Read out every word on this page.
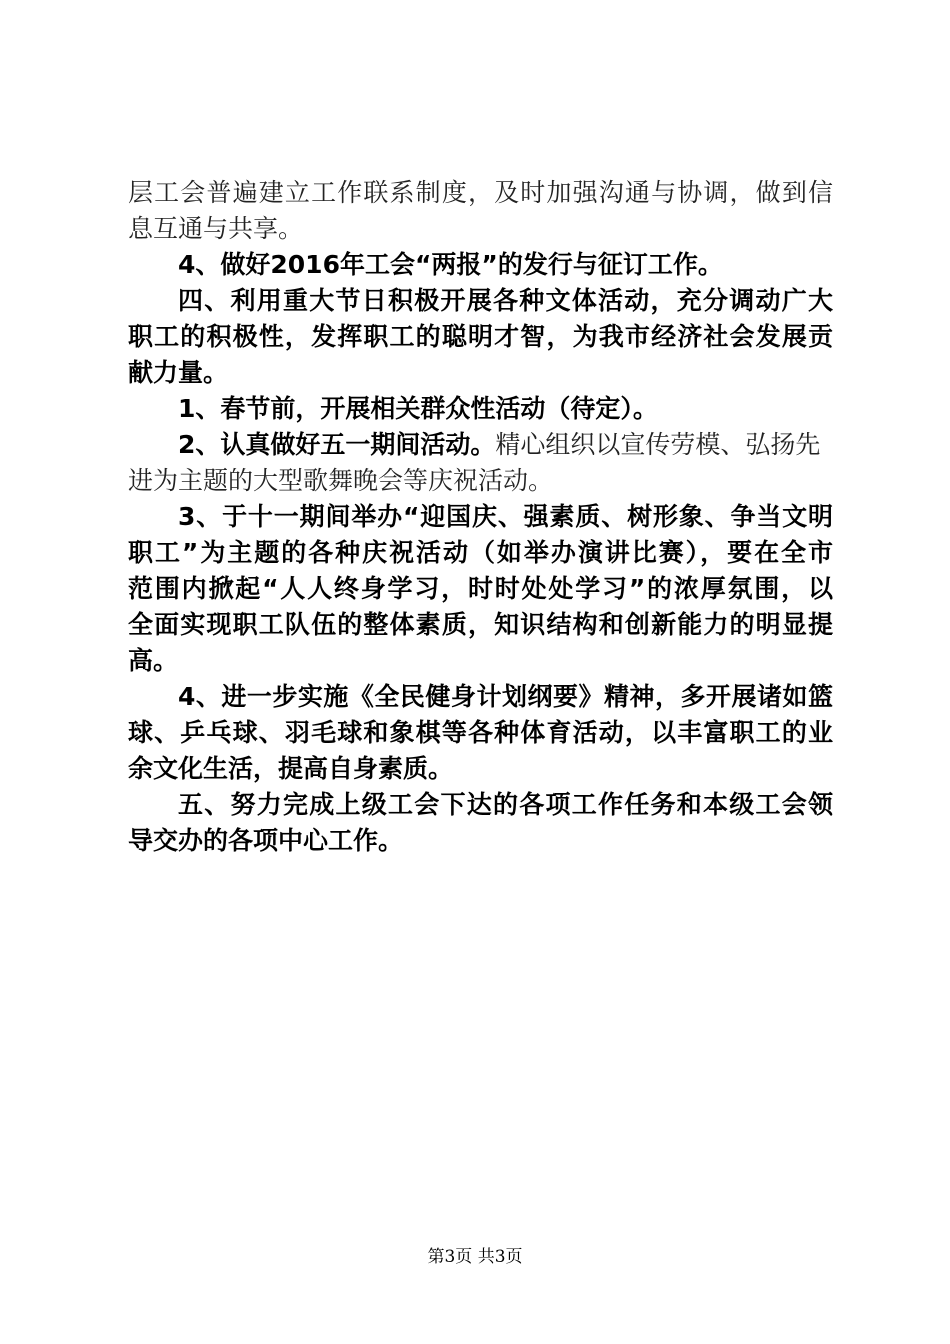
层工会普遍建立工作联系制度，及时加强沟通与协调，做到信
息互通与共享。
4、做好2016年工会“两报”的发行与征订工作。
四、利用重大节日积极开展各种文体活动，充分调动广大
职工的积极性，发挥职工的聪明才智，为我市经济社会发展贡
献力量。
1、春节前，开展相关群众性活动（待定）。
2、认真做好五一期间活动。精心组织以宣传劳模、弘扬先
进为主题的大型歌舞晚会等庆祝活动。
3、于十一期间举办“迎国庆、强素质、树形象、争当文明
职工”为主题的各种庆祝活动（如举办演讲比赛），要在全市
范围内掀起“人人终身学习，时时处处学习”的浓厚氛围，以
全面实现职工队伍的整体素质，知识结构和创新能力的明显提
高。
4、进一步实施《全民健身计划纲要》精神，多开展诸如篮
球、乒乓球、羽毛球和象棋等各种体育活动，以丰富职工的业
余文化生活，提高自身素质。
五、努力完成上级工会下达的各项工作任务和本级工会领
导交办的各项中心工作。
第3页 共3页
